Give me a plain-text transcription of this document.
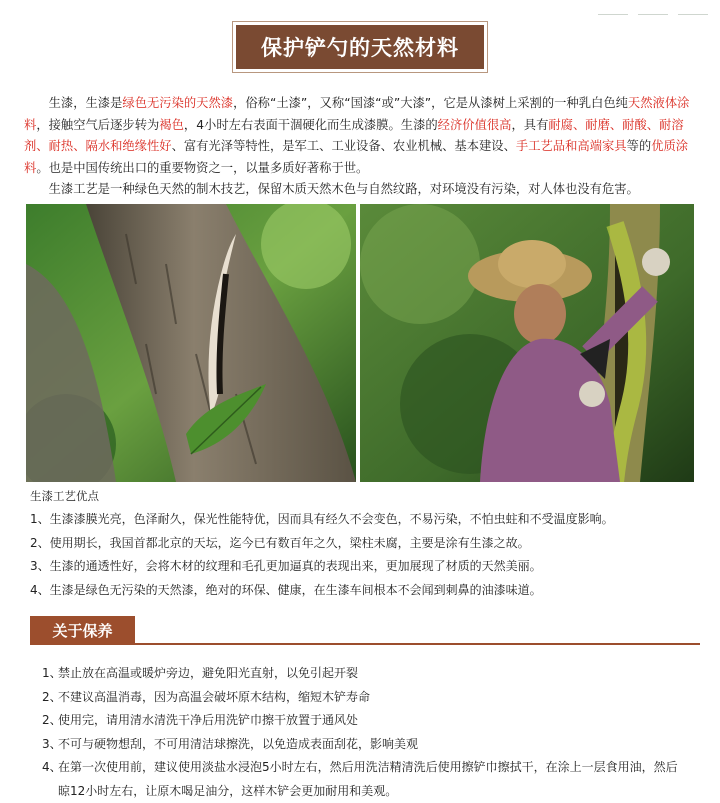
保护铲勺的天然材料

　　生漆，生漆是绿色无污染的天然漆，俗称“土漆”，又称“国漆“或”大漆”，它是从漆树上采割的一种乳白色纯天然液体涂料，接触空气后逐步转为褐色，4小时左右表面干涸硬化而生成漆膜。生漆的经济价值很高，具有耐腐、耐磨、耐酸、耐溶剂、耐热、隔水和绝缘性好、富有光泽等特性，是军工、工业设备、农业机械、基本建设、手工艺品和高端家具等的优质涂料。也是中国传统出口的重要物资之一，以量多质好著称于世。

　　生漆工艺是一种绿色天然的制木技艺，保留木质天然木色与自然纹路，对环境没有污染，对人体也没有危害。

生漆工艺优点
1、生漆漆膜光亮，色泽耐久，保光性能特优，因而具有经久不会变色，不易污染，不怕虫蛀和不受温度影响。
2、使用期长，我国首都北京的天坛，迄今已有数百年之久，梁柱未腐，主要是涂有生漆之故。
3、生漆的通透性好，会将木材的纹理和毛孔更加逼真的表现出来，更加展现了材质的天然美丽。
4、生漆是绿色无污染的天然漆，绝对的环保、健康，在生漆车间根本不会闻到刺鼻的油漆味道。
关于保养
1、
禁止放在高温或暖炉旁边，避免阳光直射，以免引起开裂
2、
不建议高温消毒，因为高温会破坏原木结构，缩短木铲寿命
2、
使用完，请用清水清洗干净后用洗铲巾擦干放置于通风处
3、
不可与硬物想刮，不可用清洁球擦洗，以免造成表面刮花，影响美观
4、
在第一次使用前，建议使用淡盐水浸泡5小时左右，然后用洗洁精清洗后使用擦铲巾擦拭干，在涂上一层食用油，然后晾12小时左右，让原木喝足油分，这样木铲会更加耐用和美观。
